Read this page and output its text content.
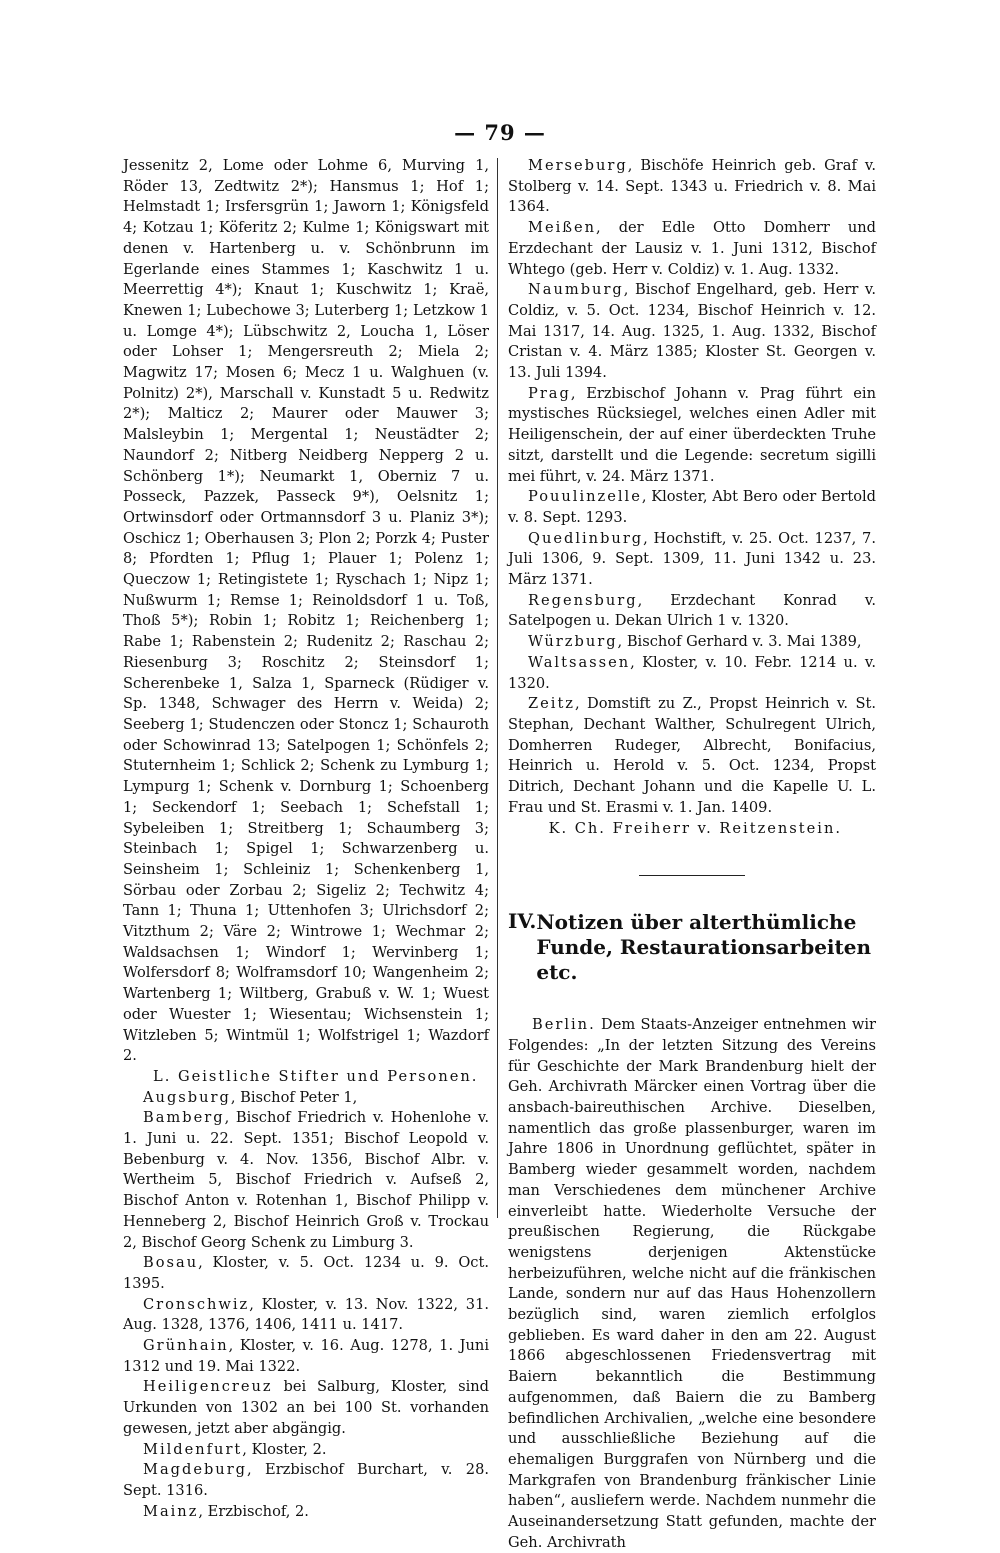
— 79 —

Jessenitz 2, Lome oder Lohme 6, Murving 1, Röder 13, Zedtwitz 2*); Hansmus 1; Hof 1; Helmstadt 1; Irsfersgrün 1; Jaworn 1; Königsfeld 4; Kotzau 1; Köferitz 2; Kulme 1; Königswart mit denen v. Hartenberg u. v. Schönbrunn im Egerlande eines Stammes 1; Kaschwitz 1 u. Meerrettig 4*); Knaut 1; Kuschwitz 1; Kraë, Knewen 1; Lubechowe 3; Luterberg 1; Letzkow 1 u. Lomge 4*); Lübschwitz 2, Loucha 1, Löser oder Lohser 1; Mengersreuth 2; Miela 2; Magwitz 17; Mosen 6; Mecz 1 u. Walghuen (v. Polnitz) 2*), Marschall v. Kunstadt 5 u. Redwitz 2*); Malticz 2; Maurer oder Mauwer 3; Malsleybin 1; Mergental 1; Neustädter 2; Naundorf 2; Nitberg Neidberg Nepperg 2 u. Schönberg 1*); Neumarkt 1, Oberniz 7 u. Posseck, Pazzek, Passeck 9*), Oelsnitz 1; Ortwinsdorf oder Ortmannsdorf 3 u. Planiz 3*); Oschicz 1; Oberhausen 3; Plon 2; Porzk 4; Puster 8; Pfordten 1; Pflug 1; Plauer 1; Polenz 1; Queczow 1; Retingistete 1; Ryschach 1; Nipz 1; Nußwurm 1; Remse 1; Reinoldsdorf 1 u. Toß, Thoß 5*); Robin 1; Robitz 1; Reichenberg 1; Rabe 1; Rabenstein 2; Rudenitz 2; Raschau 2; Riesenburg 3; Roschitz 2; Steinsdorf 1; Scherenbeke 1, Salza 1, Sparneck (Rüdiger v. Sp. 1348, Schwager des Herrn v. Weida) 2; Seeberg 1; Studenczen oder Stoncz 1; Schauroth oder Schowinrad 13; Satelpogen 1; Schönfels 2; Stuternheim 1; Schlick 2; Schenk zu Lymburg 1; Lympurg 1; Schenk v. Dornburg 1; Schoenberg 1; Seckendorf 1; Seebach 1; Schefstall 1; Sybeleiben 1; Streitberg 1; Schaumberg 3; Steinbach 1; Spigel 1; Schwarzenberg u. Seinsheim 1; Schleiniz 1; Schenkenberg 1, Sörbau oder Zorbau 2; Sigeliz 2; Techwitz 4; Tann 1; Thuna 1; Uttenhofen 3; Ulrichsdorf 2; Vitzthum 2; Väre 2; Wintrowe 1; Wechmar 2; Waldsachsen 1; Windorf 1; Wervinberg 1; Wolfersdorf 8; Wolframsdorf 10; Wangenheim 2; Wartenberg 1; Wiltberg, Grabuß v. W. 1; Wuest oder Wuester 1; Wiesentau; Wichsenstein 1; Witzleben 5; Wintmül 1; Wolfstrigel 1; Wazdorf 2.

L. Geistliche Stifter und Personen.

Augsburg, Bischof Peter 1,

Bamberg, Bischof Friedrich v. Hohenlohe v. 1. Juni u. 22. Sept. 1351; Bischof Leopold v. Bebenburg v. 4. Nov. 1356, Bischof Albr. v. Wertheim 5, Bischof Friedrich v. Aufseß 2, Bischof Anton v. Rotenhan 1, Bischof Philipp v. Henneberg 2, Bischof Heinrich Groß v. Trockau 2, Bischof Georg Schenk zu Limburg 3.

Bosau, Kloster, v. 5. Oct. 1234 u. 9. Oct. 1395.

Cronschwiz, Kloster, v. 13. Nov. 1322, 31. Aug. 1328, 1376, 1406, 1411 u. 1417.

Grünhain, Kloster, v. 16. Aug. 1278, 1. Juni 1312 und 19. Mai 1322.

Heiligencreuz bei Salburg, Kloster, sind Urkunden von 1302 an bei 100 St. vorhanden gewesen, jetzt aber abgängig.

Mildenfurt, Kloster, 2.

Magdeburg, Erzbischof Burchart, v. 28. Sept. 1316.

Mainz, Erzbischof, 2.

Merseburg, Bischöfe Heinrich geb. Graf v. Stolberg v. 14. Sept. 1343 u. Friedrich v. 8. Mai 1364.

Meißen, der Edle Otto Domherr und Erzdechant der Lausiz v. 1. Juni 1312, Bischof Whtego (geb. Herr v. Coldiz) v. 1. Aug. 1332.

Naumburg, Bischof Engelhard, geb. Herr v. Coldiz, v. 5. Oct. 1234, Bischof Heinrich v. 12. Mai 1317, 14. Aug. 1325, 1. Aug. 1332, Bischof Cristan v. 4. März 1385; Kloster St. Georgen v. 13. Juli 1394.

Prag, Erzbischof Johann v. Prag führt ein mystisches Rücksiegel, welches einen Adler mit Heiligenschein, der auf einer überdeckten Truhe sitzt, darstellt und die Legende: secretum sigilli mei führt, v. 24. März 1371.

Pouulinzelle, Kloster, Abt Bero oder Bertold v. 8. Sept. 1293.

Quedlinburg, Hochstift, v. 25. Oct. 1237, 7. Juli 1306, 9. Sept. 1309, 11. Juni 1342 u. 23. März 1371.

Regensburg, Erzdechant Konrad v. Satelpogen u. Dekan Ulrich 1 v. 1320.

Würzburg, Bischof Gerhard v. 3. Mai 1389,

Waltsassen, Kloster, v. 10. Febr. 1214 u. v. 1320.

Zeitz, Domstift zu Z., Propst Heinrich v. St. Stephan, Dechant Walther, Schulregent Ulrich, Domherren Rudeger, Albrecht, Bonifacius, Heinrich u. Herold v. 5. Oct. 1234, Propst Ditrich, Dechant Johann und die Kapelle U. L. Frau und St. Erasmi v. 1. Jan. 1409.

K. Ch. Freiherr v. Reitzenstein.

IV. Notizen über alterthümliche Funde, Restaurationsarbeiten etc.

Berlin. Dem Staats-Anzeiger entnehmen wir Folgendes: „In der letzten Sitzung des Vereins für Geschichte der Mark Brandenburg hielt der Geh. Archivrath Märcker einen Vortrag über die ansbach-baireuthischen Archive. Dieselben, namentlich das große plassenburger, waren im Jahre 1806 in Unordnung geflüchtet, später in Bamberg wieder gesammelt worden, nachdem man Verschiedenes dem münchener Archive einverleibt hatte. Wiederholte Versuche der preußischen Regierung, die Rückgabe wenigstens derjenigen Aktenstücke herbeizuführen, welche nicht auf die fränkischen Lande, sondern nur auf das Haus Hohenzollern bezüglich sind, waren ziemlich erfolglos geblieben. Es ward daher in den am 22. August 1866 abgeschlossenen Friedensvertrag mit Baiern bekanntlich die Bestimmung aufgenommen, daß Baiern die zu Bamberg befindlichen Archivalien, „welche eine besondere und ausschließliche Beziehung auf die ehemaligen Burggrafen von Nürnberg und die Markgrafen von Brandenburg fränkischer Linie haben“, ausliefern werde. Nachdem nunmehr die Auseinandersetzung Statt gefunden, machte der Geh. Archivrath
